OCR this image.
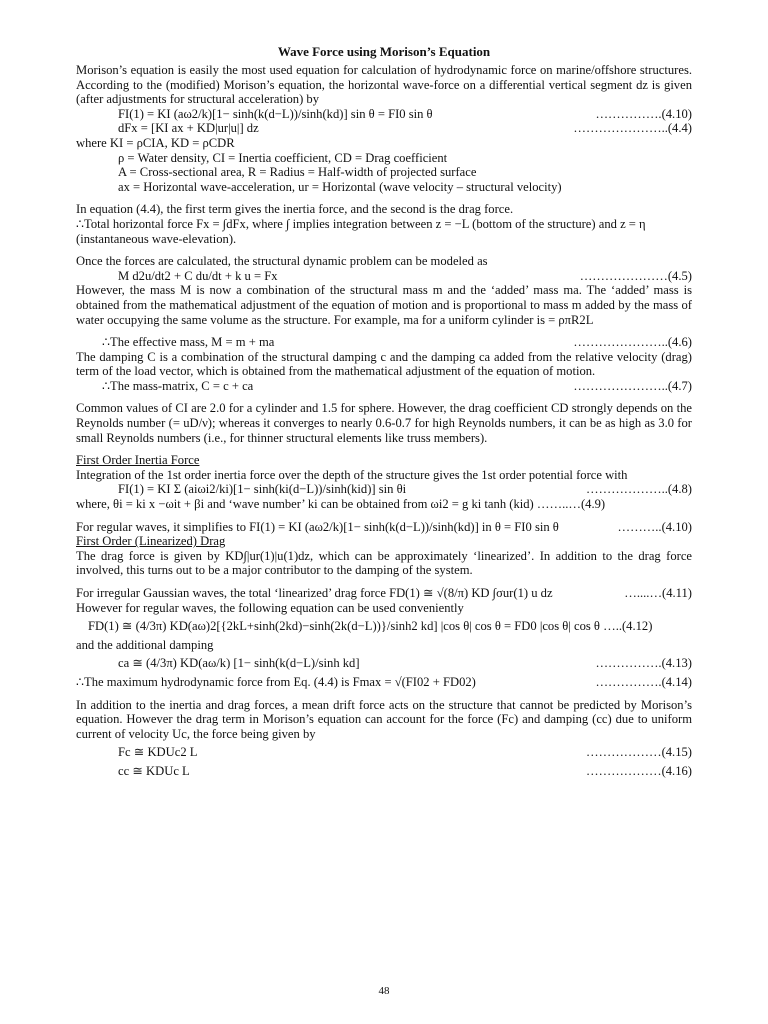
Wave Force using Morison’s Equation

Morison’s equation is easily the most used equation for calculation of hydrodynamic force on marine/offshore structures. According to the (modified) Morison’s equation, the horizontal wave-force on a differential vertical segment dz is given (after adjustments for structural acceleration) by

FI(1) = KI (aω2/k)[1− sinh(k(d−L))/sinh(kd)] sin θ = FI0 sin θ	…………….(4.10)
dFx = [KI ax + KD|ur|u|] dz	…………………..(4.4)

where KI = ρCIA, KD = ρCDR

ρ = Water density, CI = Inertia coefficient, CD = Drag coefficient
A = Cross-sectional area, R = Radius = Half-width of projected surface
ax = Horizontal wave-acceleration, ur = Horizontal (wave velocity – structural velocity)

In equation (4.4), the first term gives the inertia force, and the second is the drag force.

∴Total horizontal force Fx = ∫dFx, where ∫ implies integration between z = −L (bottom of the structure) and z = η

(instantaneous wave-elevation).

Once the forces are calculated, the structural dynamic problem can be modeled as

M d2u/dt2 + C du/dt + k u = Fx	…………………(4.5)

However, the mass M is now a combination of the structural mass m and the ‘added’ mass ma. The ‘added’ mass is obtained from the mathematical adjustment of the equation of motion and is proportional to mass m added by the mass of water occupying the same volume as the structure. For example, ma for a uniform cylinder is = ρπR2L

∴The effective mass, M = m + ma	…………………..(4.6)

The damping C is a combination of the structural damping c and the damping ca added from the relative velocity (drag) term of the load vector, which is obtained from the mathematical adjustment of the equation of motion.

∴The mass-matrix, C = c + ca	…………………..(4.7)

Common values of CI are 2.0 for a cylinder and 1.5 for sphere. However, the drag coefficient CD strongly depends on the Reynolds number (= uD/ν); whereas it converges to nearly 0.6-0.7 for high Reynolds numbers, it can be as high as 3.0 for small Reynolds numbers (i.e., for thinner structural elements like truss members).

First Order Inertia Force

Integration of the 1st order inertia force over the depth of the structure gives the 1st order potential force with

FI(1) = KI Σ (aiωi2/ki)[1− sinh(ki(d−L))/sinh(kid)] sin θi	………………..(4.8)

where, θi = ki x −ωit + βi and ‘wave number’ ki can be obtained from ωi2 = g ki tanh (kid) ……..…(4.9)

For regular waves, it simplifies to FI(1) = KI (aω2/k)[1− sinh(k(d−L))/sinh(kd)] in θ = FI0 sin θ	………..(4.10)

First Order (Linearized) Drag

The drag force is given by KD∫|ur(1)|u(1)dz, which can be approximately ‘linearized’. In addition to the drag force involved, this turns out to be a major contributor to the damping of the system.

For irregular Gaussian waves, the total ‘linearized’ drag force FD(1) ≅ √(8/π) KD ∫σur(1) u dz	…....…(4.11)

However for regular waves, the following equation can be used conveniently

FD(1) ≅ (4/3π) KD(aω)2[{2kL+sinh(2kd)−sinh(2k(d−L))}/sinh2 kd] |cos θ| cos θ = FD0 |cos θ| cos θ …..(4.12)

and the additional damping

ca ≅ (4/3π) KD(aω/k) [1− sinh(k(d−L)/sinh kd]	…………….(4.13)
∴The maximum hydrodynamic force from Eq. (4.4) is Fmax = √(FI02 + FD02)	…………….(4.14)

In addition to the inertia and drag forces, a mean drift force acts on the structure that cannot be predicted by Morison’s equation. However the drag term in Morison’s equation can account for the force (Fc) and damping (cc) due to uniform current of velocity Uc, the force being given by

Fc ≅ KDUc2 L	………………(4.15)
cc ≅ KDUc L	………………(4.16)
48
